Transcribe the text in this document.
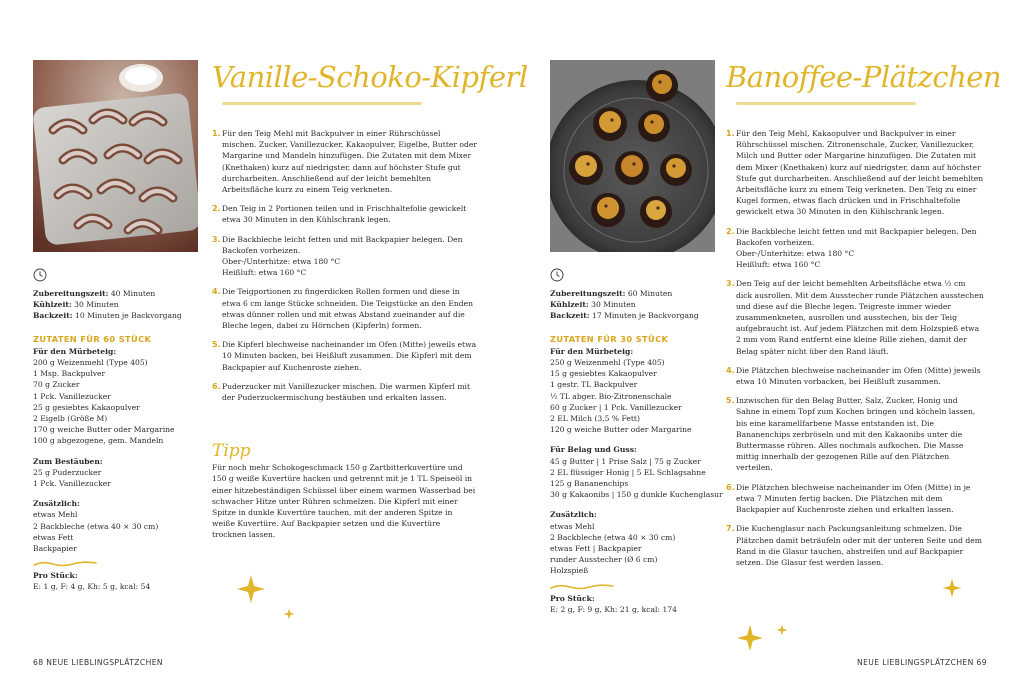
Vanille-Schoko-Kipferl
Zubereitungszeit: 40 Minuten
Kühlzeit: 30 Minuten
Backzeit: 10 Minuten je Backvorgang
ZUTATEN FÜR 60 STÜCK
Für den Mürbeteig:
200 g Weizenmehl (Type 405)
1 Msp. Backpulver
70 g Zucker
1 Pck. Vanillezucker
25 g gesiebtes Kakaopulver
2 Eigelb (Größe M)
170 g weiche Butter oder Margarine
100 g abgezogene, gem. Mandeln
Zum Bestäuben:
25 g Puderzucker
1 Pck. Vanillezucker
Zusätzlich:
etwas Mehl
2 Backbleche (etwa 40 × 30 cm)
etwas Fett
Backpapier
Pro Stück:
E: 1 g, F: 4 g, Kh: 5 g, kcal: 54
1. Für den Teig Mehl mit Backpulver in einer Rührschüssel mischen. Zucker, Vanillezucker, Kakaopulver, Eigelbe, Butter oder Margarine und Mandeln hinzufügen. Die Zutaten mit dem Mixer (Knethaken) kurz auf niedrigster, dann auf höchster Stufe gut durcharbeiten. Anschließend auf der leicht bemehlten Arbeitsfläche kurz zu einem Teig verkneten.
2. Den Teig in 2 Portionen teilen und in Frischhaltefolie gewickelt etwa 30 Minuten in den Kühlschrank legen.
3. Die Backbleche leicht fetten und mit Backpapier belegen. Den Backofen vorheizen.
Ober-/Unterhitze: etwa 180 °C
Heißluft: etwa 160 °C
4. Die Teigportionen zu fingerdicken Rollen formen und diese in etwa 6 cm lange Stücke schneiden. Die Teigstücke an den Enden etwas dünner rollen und mit etwas Abstand zueinander auf die Bleche legen, dabei zu Hörnchen (Kipferln) formen.
5. Die Kipferl blechweise nacheinander im Ofen (Mitte) jeweils etwa 10 Minuten backen, bei Heißluft zusammen. Die Kipferl mit dem Backpapier auf Kuchenroste ziehen.
6. Puderzucker mit Vanillezucker mischen. Die warmen Kipferl mit der Puderzuckermischung bestäuben und erkalten lassen.
Tipp
Für noch mehr Schokogeschmack 150 g Zartbitterkuvertüre und 150 g weiße Kuvertüre hacken und getrennt mit je 1 TL Speiseöl in einer hitzebeständigen Schüssel über einem warmen Wasserbad bei schwacher Hitze unter Rühren schmelzen. Die Kipferl mit einer Spitze in dunkle Kuvertüre tauchen, mit der anderen Spitze in weiße Kuvertüre. Auf Backpapier setzen und die Kuvertüre trocknen lassen.
68 NEUE LIEBLINGSPLÄTZCHEN
Banoffee-Plätzchen
Zubereitungszeit: 60 Minuten
Kühlzeit: 30 Minuten
Backzeit: 17 Minuten je Backvorgang
ZUTATEN FÜR 30 STÜCK
Für den Mürbeteig:
250 g Weizenmehl (Type 405)
15 g gesiebtes Kakaopulver
1 gestr. TL Backpulver
½ TL abger. Bio-Zitronenschale
60 g Zucker | 1 Pck. Vanillezucker
2 EL Milch (3,5 % Fett)
120 g weiche Butter oder Margarine
Für Belag und Guss:
45 g Butter | 1 Prise Salz | 75 g Zucker
2 EL flüssiger Honig | 5 EL Schlagsahne
125 g Bananenchips
30 g Kakaonibs | 150 g dunkle Kuchenglasur
Zusätzlich:
etwas Mehl
2 Backbleche (etwa 40 × 30 cm)
etwas Fett | Backpapier
runder Ausstecher (Ø 6 cm)
Holzspieß
Pro Stück:
E: 2 g, F: 9 g, Kh: 21 g, kcal: 174
1. Für den Teig Mehl, Kakaopulver und Backpulver in einer Rührschüssel mischen. Zitronenschale, Zucker, Vanillezucker, Milch und Butter oder Margarine hinzufügen. Die Zutaten mit dem Mixer (Knethaken) kurz auf niedrigster, dann auf höchster Stufe gut durcharbeiten. Anschließend auf der leicht bemehlten Arbeitsfläche kurz zu einem Teig verkneten. Den Teig zu einer Kugel formen, etwas flach drücken und in Frischhaltefolie gewickelt etwa 30 Minuten in den Kühlschrank legen.
2. Die Backbleche leicht fetten und mit Backpapier belegen. Den Backofen vorheizen.
Ober-/Unterhitze: etwa 180 °C
Heißluft: etwa 160 °C
3. Den Teig auf der leicht bemehlten Arbeitsfläche etwa ½ cm dick ausrollen. Mit dem Ausstecher runde Plätzchen ausstechen und diese auf die Bleche legen. Teigreste immer wieder zusammenkneten, ausrollen und ausstechen, bis der Teig aufgebraucht ist. Auf jedem Plätzchen mit dem Holzspieß etwa 2 mm vom Rand entfernt eine kleine Rille ziehen, damit der Belag später nicht über den Rand läuft.
4. Die Plätzchen blechweise nacheinander im Ofen (Mitte) jeweils etwa 10 Minuten vorbacken, bei Heißluft zusammen.
5. Inzwischen für den Belag Butter, Salz, Zucker, Honig und Sahne in einem Topf zum Kochen bringen und köcheln lassen, bis eine karamellfarbene Masse entstanden ist. Die Bananenchips zerbröseln und mit den Kakaonibs unter die Buttermasse rühren. Alles nochmals aufkochen. Die Masse mittig innerhalb der gezogenen Rille auf den Plätzchen verteilen.
6. Die Plätzchen blechweise nacheinander im Ofen (Mitte) in je etwa 7 Minuten fertig backen. Die Plätzchen mit dem Backpapier auf Kuchenroste ziehen und erkalten lassen.
7. Die Kuchenglasur nach Packungsanleitung schmelzen. Die Plätzchen damit beträufeln oder mit der unteren Seite und dem Rand in die Glasur tauchen, abstreifen und auf Backpapier setzen. Die Glasur fest werden lassen.
NEUE LIEBLINGSPLÄTZCHEN 69
